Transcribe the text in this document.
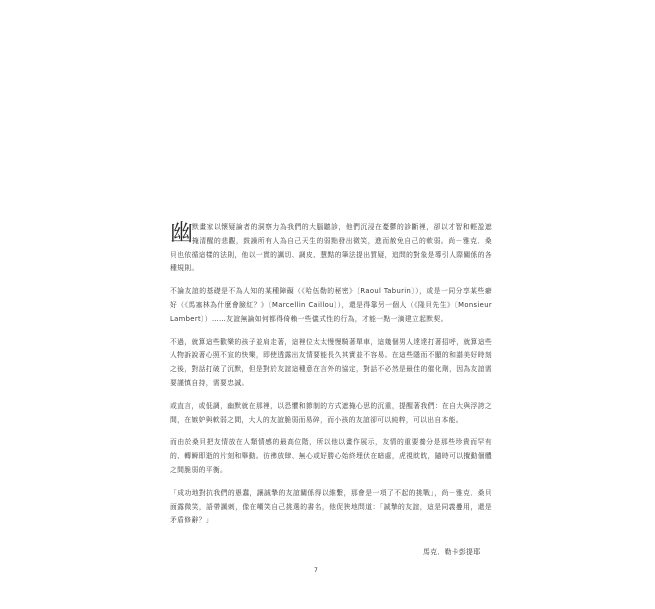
幽
默畫家以懷疑論者的洞察力為我們的大腦聽診，他們沉浸在憂鬱的診斷裡，卻以才智和輕盈遮掩清醒的悲觀，鼓譟所有人為自己天生的弱點發出微笑，進而赦免自己的軟弱。尚－雅克．桑貝也依循這樣的法則，他以一貫的諷切、調皮、慧黠的筆法提出質疑，追問的對象是導引人際關係的各種規則。

不論友誼的基礎是不為人知的某種障礙（《哈伍勒的秘密》〔Raoul Taburin〕），或是一同分享某些癖好（《馬塞林為什麼會臉紅？》〔Marcellin Caillou〕），還是得靠另一個人（《隆貝先生》〔Monsieur Lambert〕）……友誼無論如何都得倚賴一些儀式性的行為，才能一點一滴建立起默契。

不過，就算這些歡樂的孩子並肩走著，這裡位太太慢慢騎著單車，這幾個男人達達打著招呼，就算這些人物訴說著心照不宣的快樂，即使透露出友情要能長久其實並不容易。在這些隱而不顯的和諧美好時刻之後，對話打破了沉默，但是對於友誼這種意在言外的協定，對話不必然是最佳的催化劑，因為友誼需要謹慎自持，需要忠誠。

或直言，或低調，幽默就在那裡，以恐懼和節制的方式遮掩心思的沉重，提醒著我們：在自大與浮誇之間，在嫉妒與軟弱之間，大人的友誼脆弱而易碎，而小孩的友誼卻可以純粹，可以出自本能。

而由於桑貝把友情放在人類情感的最高位階，所以他以畫作展示，友情的重要養分是那些珍貴而罕有的、轉瞬即逝的片刻和舉動。彷彿放肆、無心或好勝心始終埋伏在暗處，虎視眈眈，隨時可以攪動個體之間脆弱的平衡。

「成功地對抗我們的愚蠢，讓誠摯的友誼關係得以維繫，那會是一項了不起的挑戰」，尚－雅克．桑貝面露微笑，語帶諷刺，像在嘲笑自己挑選的書名，他促狹地問道：「誠摯的友誼，這是同義疊用，還是矛盾修辭？」

馬克．勒卡彭提耶
7
